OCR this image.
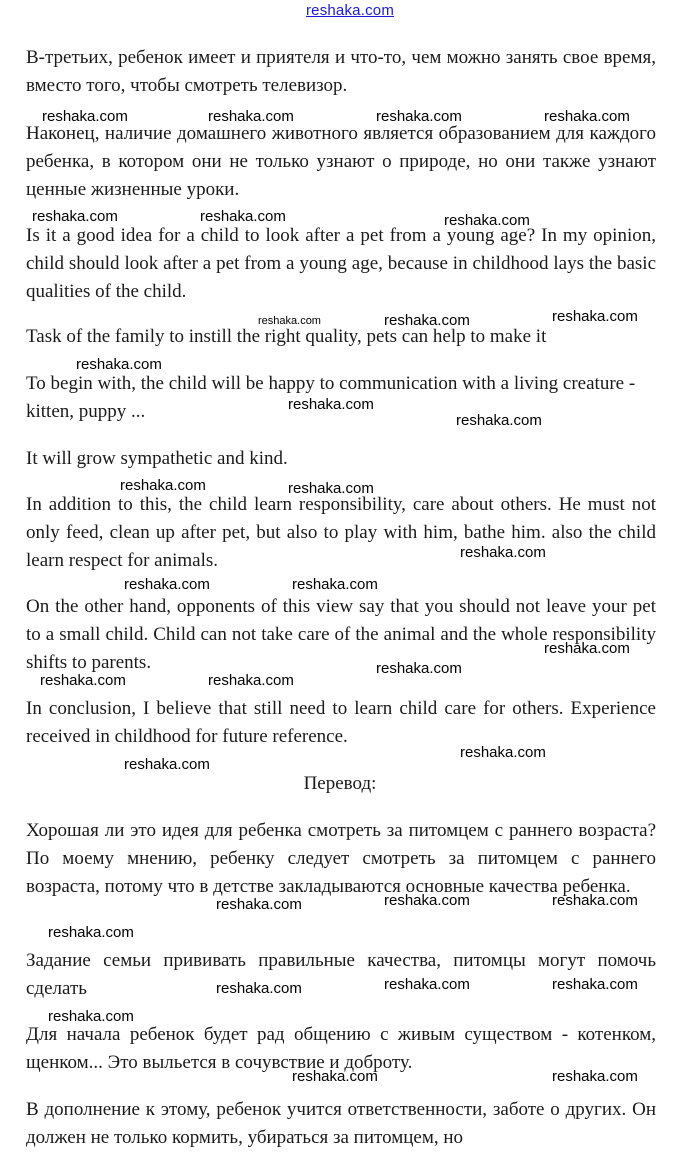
reshaka.com

В-третьих, ребенок имеет и приятеля и что-то, чем можно занять свое время, вместо того, чтобы смотреть телевизор.

Наконец, наличие домашнего животного является образованием для каждого ребенка, в котором они не только узнают о природе, но они также узнают ценные жизненные уроки.

Is it a good idea for a child to look after a pet from a young age? In my opinion, child should look after a pet from a young age, because in childhood lays the basic qualities of the child.

Task of the family to instill the right quality, pets can help to make it

To begin with, the child will be happy to communication with a living creature - kitten, puppy ...

It will grow sympathetic and kind.

In addition to this, the child learn responsibility, care about others. He must not only feed, clean up after pet, but also to play with him, bathe him. also the child learn respect for animals.

On the other hand, opponents of this view say that you should not leave your pet to a small child. Child can not take care of the animal and the whole responsibility shifts to parents.

In conclusion, I believe that still need to learn child care for others. Experience received in childhood for future reference.

Перевод:

Хорошая ли это идея для ребенка смотреть за питомцем с раннего возраста? По моему мнению, ребенку следует смотреть за питомцем с раннего возраста, потому что в детстве закладываются основные качества ребенка.

Задание семьи прививать правильные качества, питомцы могут помочь сделать

Для начала ребенок будет рад общению с живым существом - котенком, щенком... Это выльется в сочувствие и доброту.

В дополнение к этому, ребенок учится ответственности, заботе о других. Он должен не только кормить, убираться за питомцем, но

reshaka.com	reshaka.com	reshaka.com	reshaka.com
reshaka.com	reshaka.com	reshaka.com
reshaka.com	reshaka.com	reshaka.com
reshaka.com
reshaka.com
reshaka.com
reshaka.com	reshaka.com
reshaka.com
reshaka.com	reshaka.com
reshaka.com
reshaka.com
reshaka.com	reshaka.com
reshaka.com
reshaka.com
reshaka.com	reshaka.com	reshaka.com
reshaka.com
reshaka.com	reshaka.com	reshaka.com
reshaka.com
reshaka.com	reshaka.com
